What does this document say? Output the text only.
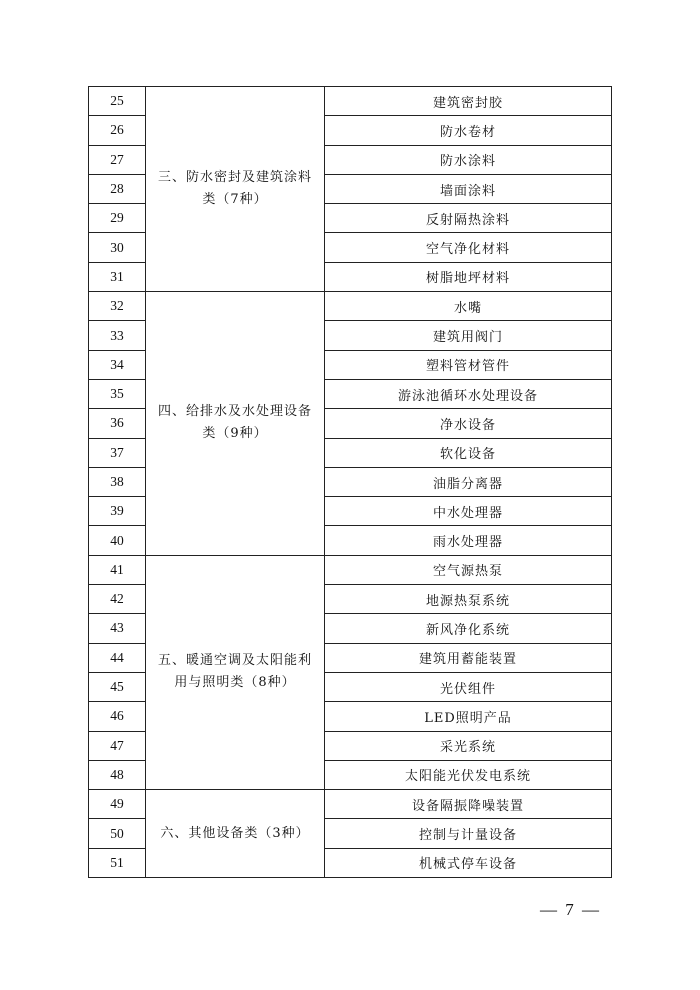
25	三、防水密封及建筑涂料类（7种）	建筑密封胶
26		防水卷材
27		防水涂料
28		墙面涂料
29		反射隔热涂料
30		空气净化材料
31		树脂地坪材料
32	四、给排水及水处理设备类（9种）	水嘴
33		建筑用阀门
34		塑料管材管件
35		游泳池循环水处理设备
36		净水设备
37		软化设备
38		油脂分离器
39		中水处理器
40		雨水处理器
41	五、暖通空调及太阳能利用与照明类（8种）	空气源热泵
42		地源热泵系统
43		新风净化系统
44		建筑用蓄能装置
45		光伏组件
46		LED照明产品
47		采光系统
48		太阳能光伏发电系统
49	六、其他设备类（3种）	设备隔振降噪装置
50		控制与计量设备
51		机械式停车设备
— 7 —
